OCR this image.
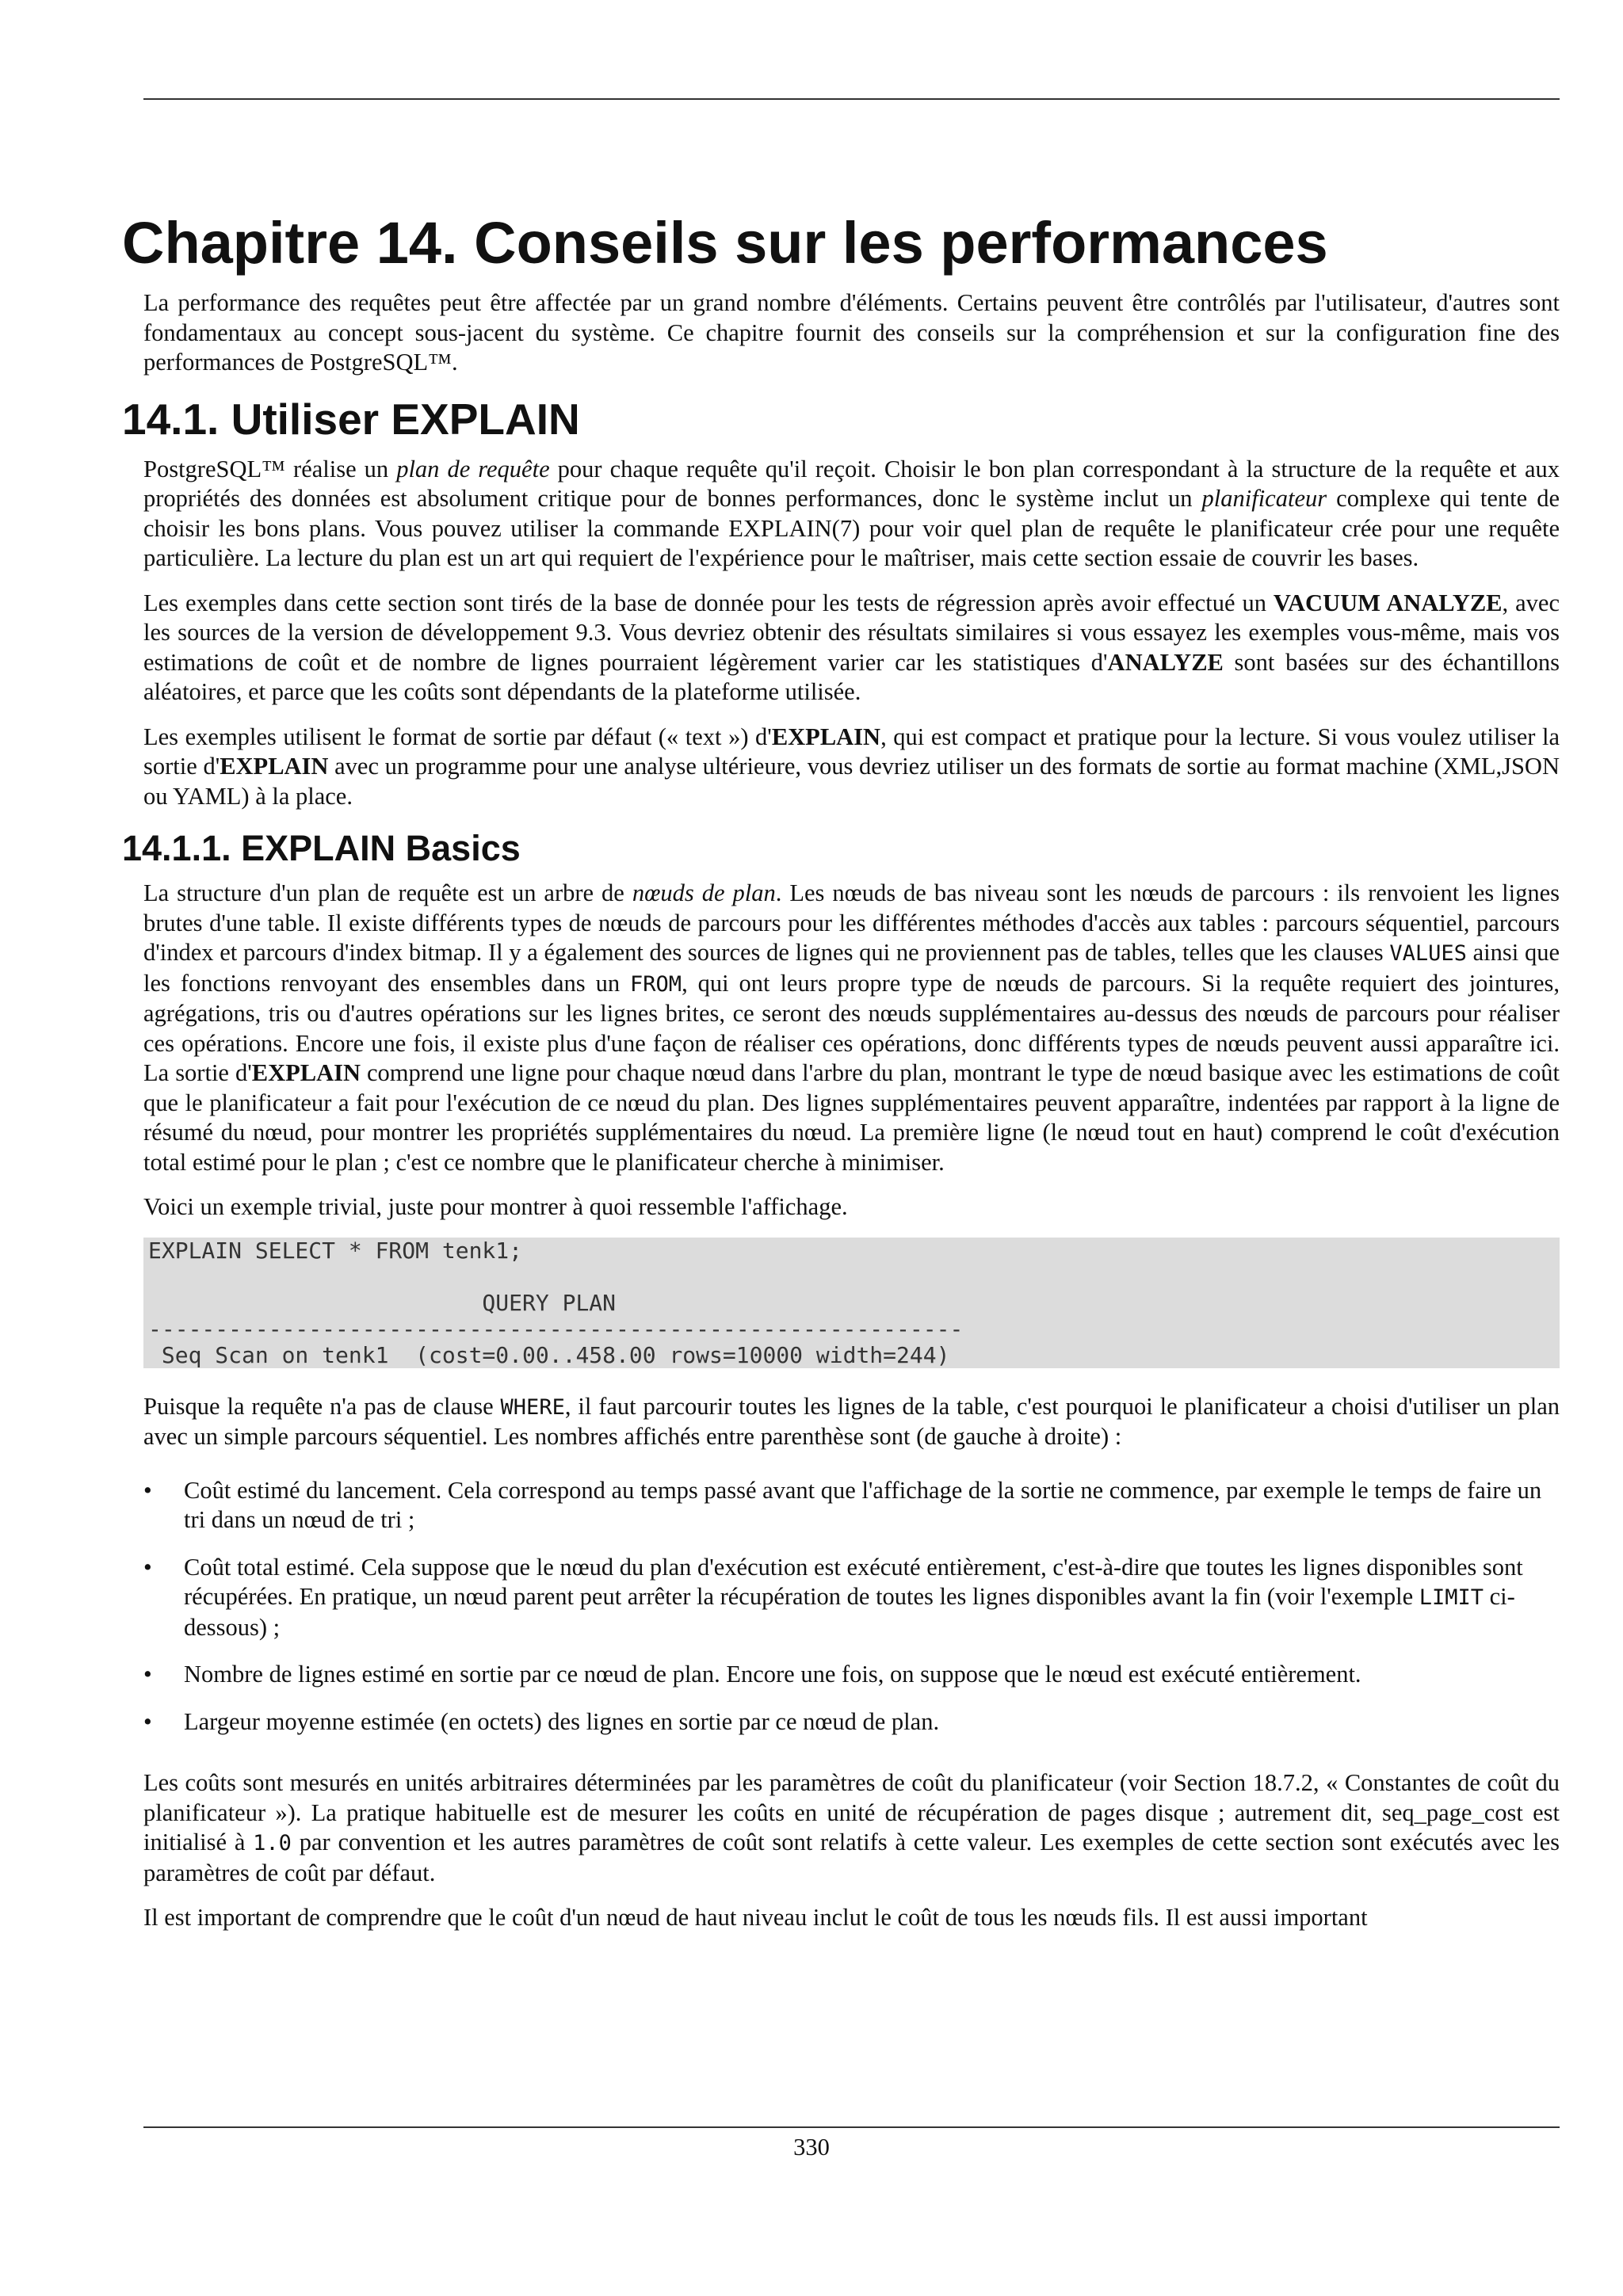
Chapitre 14. Conseils sur les performances

La performance des requêtes peut être affectée par un grand nombre d'éléments. Certains peuvent être contrôlés par l'utilisateur, d'autres sont fondamentaux au concept sous-jacent du système. Ce chapitre fournit des conseils sur la compréhension et sur la configuration fine des performances de PostgreSQL™.

14.1. Utiliser EXPLAIN

PostgreSQL™ réalise un plan de requête pour chaque requête qu'il reçoit. Choisir le bon plan correspondant à la structure de la requête et aux propriétés des données est absolument critique pour de bonnes performances, donc le système inclut un planificateur complexe qui tente de choisir les bons plans. Vous pouvez utiliser la commande EXPLAIN(7) pour voir quel plan de requête le planificateur crée pour une requête particulière. La lecture du plan est un art qui requiert de l'expérience pour le maîtriser, mais cette section essaie de couvrir les bases.

Les exemples dans cette section sont tirés de la base de donnée pour les tests de régression après avoir effectué un VACUUM ANALYZE, avec les sources de la version de développement 9.3. Vous devriez obtenir des résultats similaires si vous essayez les exemples vous-même, mais vos estimations de coût et de nombre de lignes pourraient légèrement varier car les statistiques d'ANALYZE sont basées sur des échantillons aléatoires, et parce que les coûts sont dépendants de la plateforme utilisée.

Les exemples utilisent le format de sortie par défaut (« text ») d'EXPLAIN, qui est compact et pratique pour la lecture. Si vous voulez utiliser la sortie d'EXPLAIN avec un programme pour une analyse ultérieure, vous devriez utiliser un des formats de sortie au format machine (XML,JSON ou YAML) à la place.

14.1.1. EXPLAIN Basics

La structure d'un plan de requête est un arbre de nœuds de plan. Les nœuds de bas niveau sont les nœuds de parcours : ils renvoient les lignes brutes d'une table. Il existe différents types de nœuds de parcours pour les différentes méthodes d'accès aux tables : parcours séquentiel, parcours d'index et parcours d'index bitmap. Il y a également des sources de lignes qui ne proviennent pas de tables, telles que les clauses VALUES ainsi que les fonctions renvoyant des ensembles dans un FROM, qui ont leurs propre type de nœuds de parcours. Si la requête requiert des jointures, agrégations, tris ou d'autres opérations sur les lignes brites, ce seront des nœuds supplémentaires au-dessus des nœuds de parcours pour réaliser ces opérations. Encore une fois, il existe plus d'une façon de réaliser ces opérations, donc différents types de nœuds peuvent aussi apparaître ici. La sortie d'EXPLAIN comprend une ligne pour chaque nœud dans l'arbre du plan, montrant le type de nœud basique avec les estimations de coût que le planificateur a fait pour l'exécution de ce nœud du plan. Des lignes supplémentaires peuvent apparaître, indentées par rapport à la ligne de résumé du nœud, pour montrer les propriétés supplémentaires du nœud. La première ligne (le nœud tout en haut) comprend le coût d'exécution total estimé pour le plan ; c'est ce nombre que le planificateur cherche à minimiser.

Voici un exemple trivial, juste pour montrer à quoi ressemble l'affichage.

EXPLAIN SELECT * FROM tenk1;

QUERY PLAN
-------------------------------------------------------------
Seq Scan on tenk1  (cost=0.00..458.00 rows=10000 width=244)

Puisque la requête n'a pas de clause WHERE, il faut parcourir toutes les lignes de la table, c'est pourquoi le planificateur a choisi d'utiliser un plan avec un simple parcours séquentiel. Les nombres affichés entre parenthèse sont (de gauche à droite) :

• Coût estimé du lancement. Cela correspond au temps passé avant que l'affichage de la sortie ne commence, par exemple le temps de faire un tri dans un nœud de tri ;
• Coût total estimé. Cela suppose que le nœud du plan d'exécution est exécuté entièrement, c'est-à-dire que toutes les lignes disponibles sont récupérées. En pratique, un nœud parent peut arrêter la récupération de toutes les lignes disponibles avant la fin (voir l'exemple LIMIT ci-dessous) ;
• Nombre de lignes estimé en sortie par ce nœud de plan. Encore une fois, on suppose que le nœud est exécuté entièrement.
• Largeur moyenne estimée (en octets) des lignes en sortie par ce nœud de plan.

Les coûts sont mesurés en unités arbitraires déterminées par les paramètres de coût du planificateur (voir Section 18.7.2, « Constantes de coût du planificateur »). La pratique habituelle est de mesurer les coûts en unité de récupération de pages disque ; autrement dit, seq_page_cost est initialisé à 1.0 par convention et les autres paramètres de coût sont relatifs à cette valeur. Les exemples de cette section sont exécutés avec les paramètres de coût par défaut.

Il est important de comprendre que le coût d'un nœud de haut niveau inclut le coût de tous les nœuds fils. Il est aussi important

330
